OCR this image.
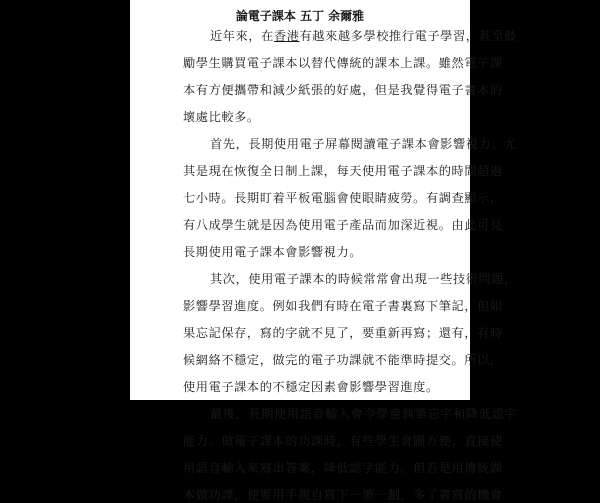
論電子課本 五丁 余爾雅
近年來，在香港有越來越多學校推行電子學習，甚至鼓
勵學生購買電子課本以替代傳統的課本上課。雖然電子課
本有方便攜帶和減少紙張的好處，但是我覺得電子書本的
壞處比較多。
首先，長期使用電子屏幕閱讀電子課本會影響視力。尤
其是現在恢復全日制上課，每天使用電子課本的時間超過
七小時。長期盯着平板電腦會使眼睛疲勞。有調查顯示，
有八成學生就是因為使用電子產品而加深近視。由此可見
長期使用電子課本會影響視力。
其次，使用電子課本的時候常常會出現一些技術問題，
影響學習進度。例如我們有時在電子書裏寫下筆記，但如
果忘記保存，寫的字就不見了，要重新再寫；還有，有時
候網絡不穩定，做完的電子功課就不能準時提交。所以，
使用電子課本的不穩定因素會影響學習進度。
最後，長期使用語音輸入會令學童執筆忘字和降低認字
能力。做電子課本的功課時，有些學生會圖方便，直接使
用語音輸入來寫出答案，降低認字能力。但若是用傳統課
本做功課，便要用手親自寫下一筆一劃，多了書寫的機會
